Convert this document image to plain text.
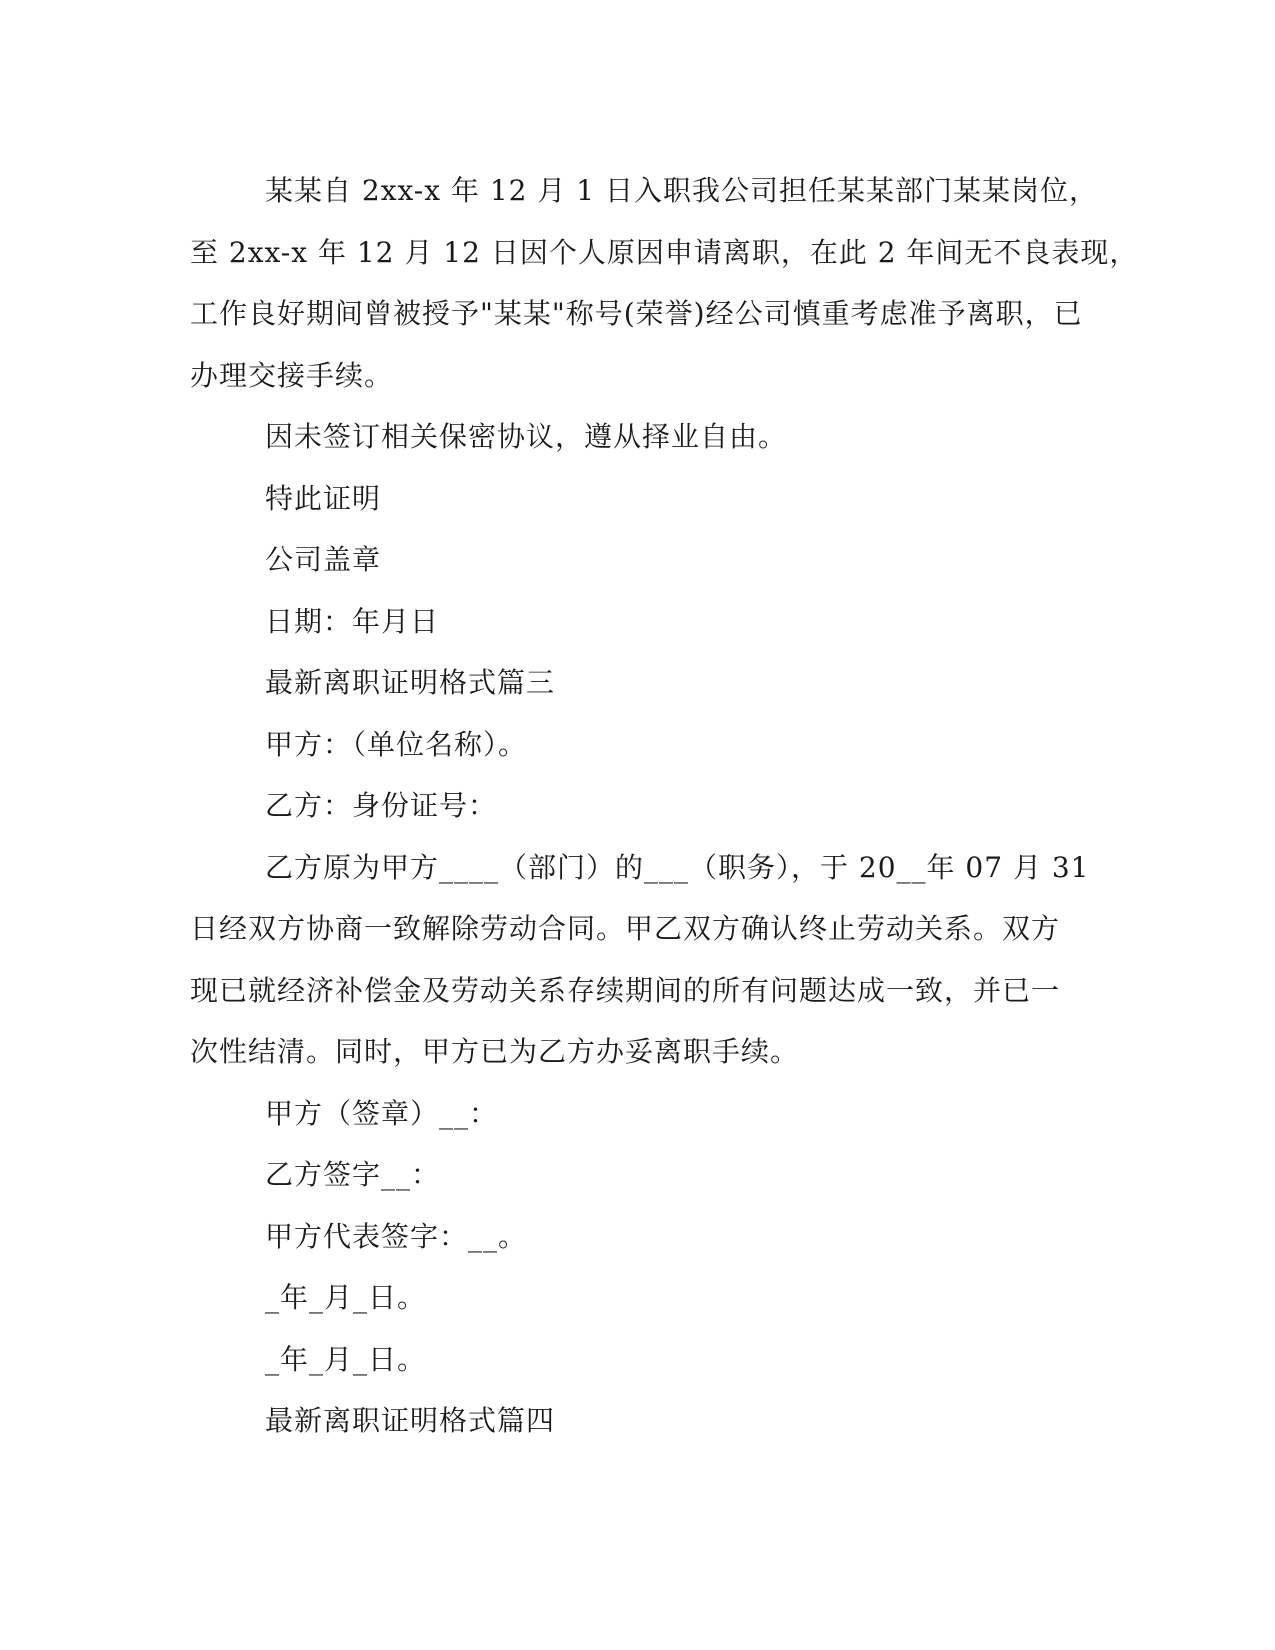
某某自 2xx-x 年 12 月 1 日入职我公司担任某某部门某某岗位，
至 2xx-x 年 12 月 12 日因个人原因申请离职，在此 2 年间无不良表现，
工作良好期间曾被授予"某某"称号(荣誉)经公司慎重考虑准予离职，已
办理交接手续。
因未签订相关保密协议，遵从择业自由。
特此证明
公司盖章
日期：年月日
最新离职证明格式篇三
甲方：（单位名称）。
乙方：身份证号：
乙方原为甲方____（部门）的___（职务），于 20__年 07 月 31
日经双方协商一致解除劳动合同。甲乙双方确认终止劳动关系。双方
现已就经济补偿金及劳动关系存续期间的所有问题达成一致，并已一
次性结清。同时，甲方已为乙方办妥离职手续。
甲方（签章）__：
乙方签字__：
甲方代表签字：__。
_年_月_日。
_年_月_日。
最新离职证明格式篇四
